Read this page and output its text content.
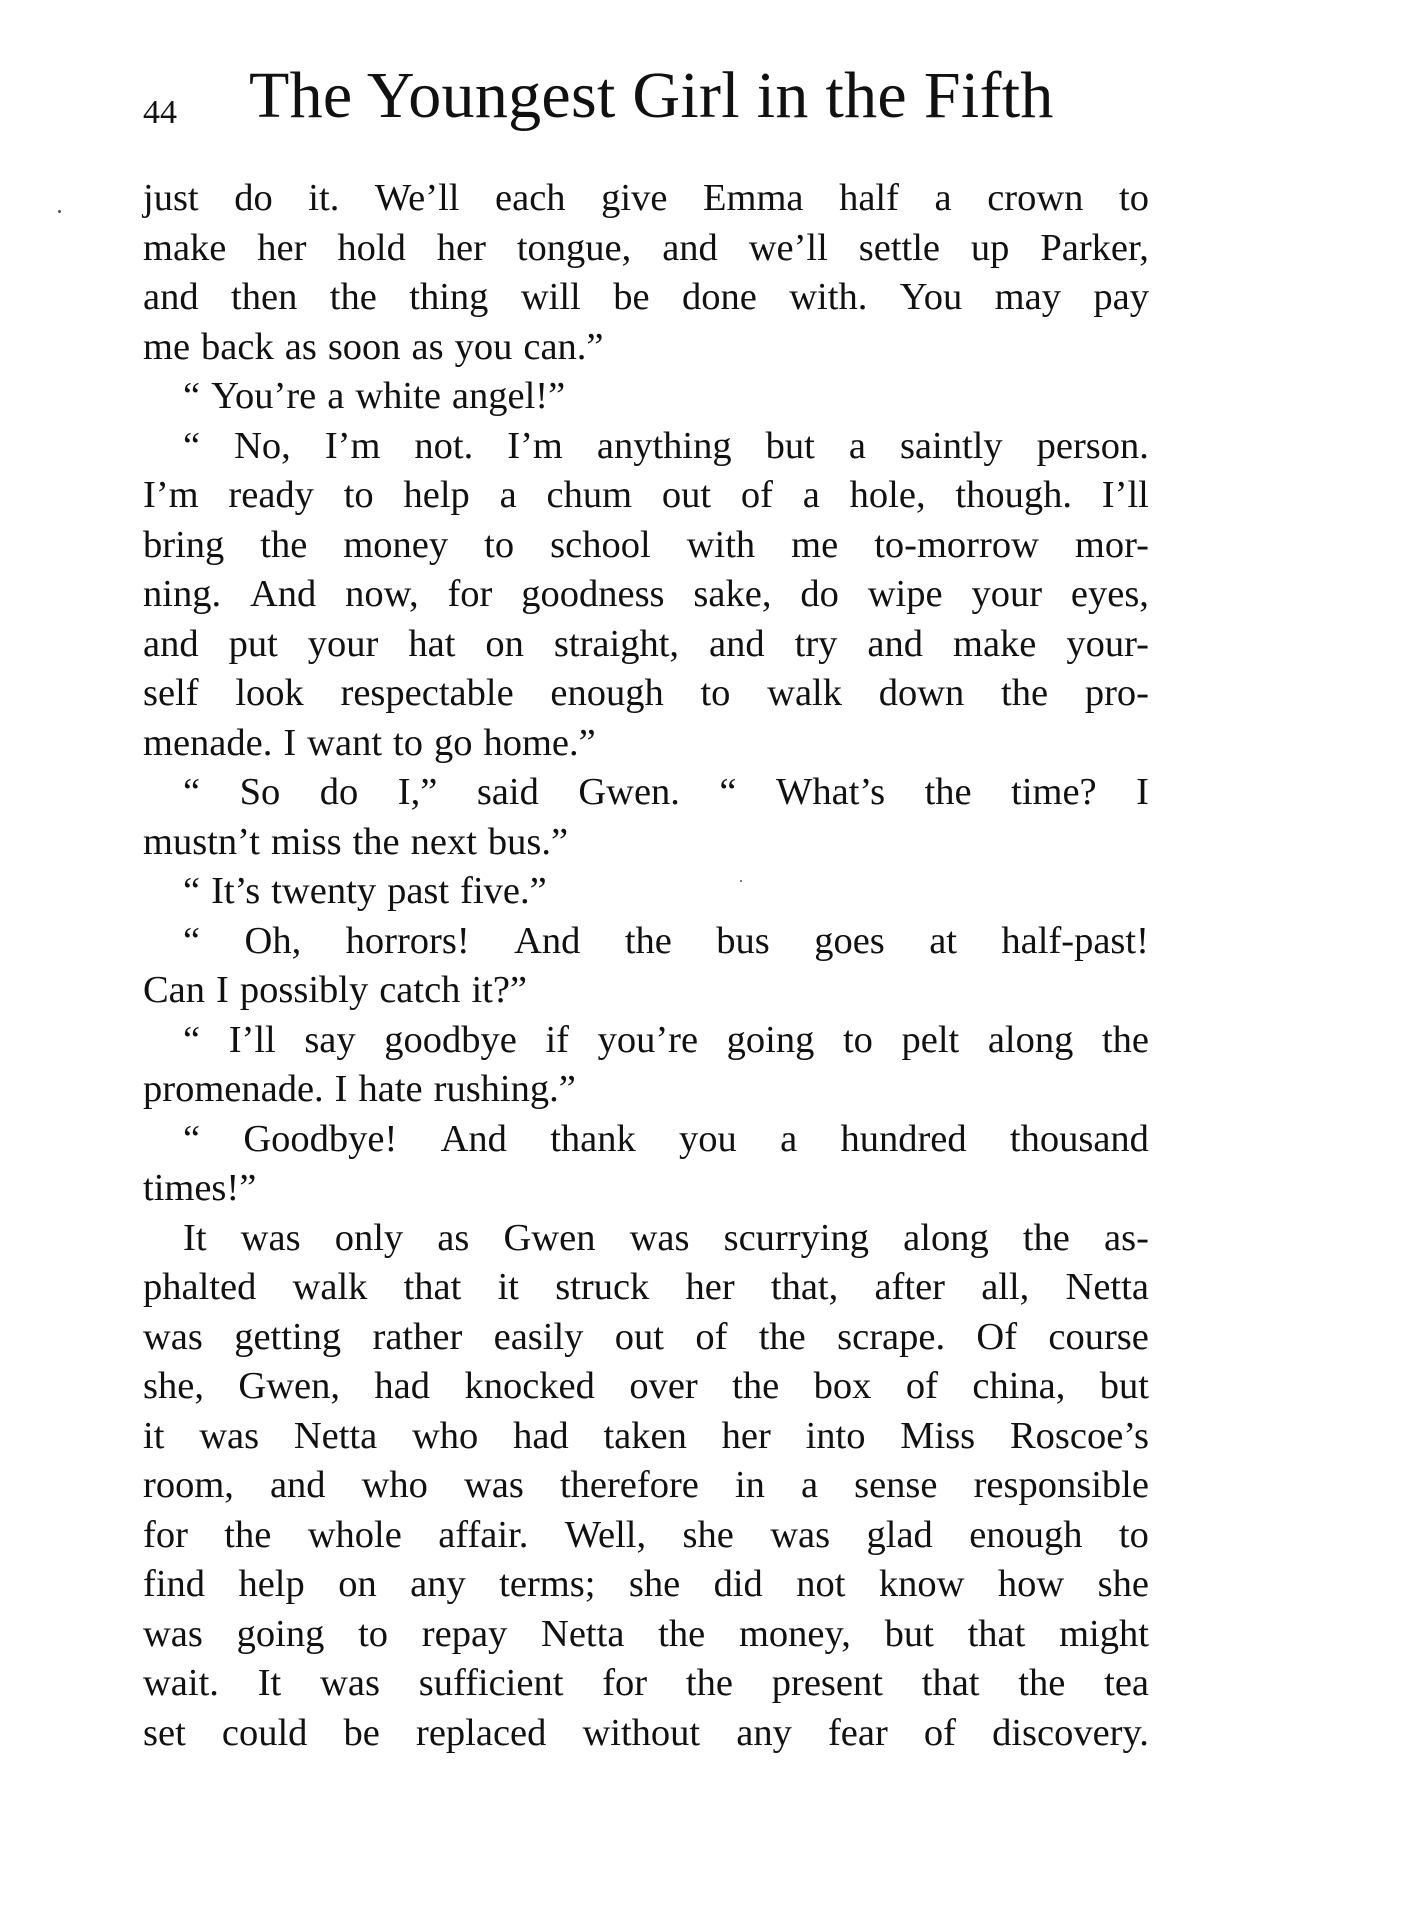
44 The Youngest Girl in the Fifth
just do it. We’ll each give Emma half a crown to
make her hold her tongue, and we’ll settle up Parker,
and then the thing will be done with. You may pay
me back as soon as you can.”
“ You’re a white angel!”
“ No, I’m not. I’m anything but a saintly person.
I’m ready to help a chum out of a hole, though. I’ll
bring the money to school with me to-morrow mor-
ning. And now, for goodness sake, do wipe your eyes,
and put your hat on straight, and try and make your-
self look respectable enough to walk down the pro-
menade. I want to go home.”
“ So do I,” said Gwen. “ What’s the time? I
mustn’t miss the next bus.”
“ It’s twenty past five.”
“ Oh, horrors! And the bus goes at half-past!
Can I possibly catch it?”
“ I’ll say goodbye if you’re going to pelt along the
promenade. I hate rushing.”
“ Goodbye! And thank you a hundred thousand
times!”
It was only as Gwen was scurrying along the as-
phalted walk that it struck her that, after all, Netta
was getting rather easily out of the scrape. Of course
she, Gwen, had knocked over the box of china, but
it was Netta who had taken her into Miss Roscoe’s
room, and who was therefore in a sense responsible
for the whole affair. Well, she was glad enough to
find help on any terms; she did not know how she
was going to repay Netta the money, but that might
wait. It was sufficient for the present that the tea
set could be replaced without any fear of discovery.
